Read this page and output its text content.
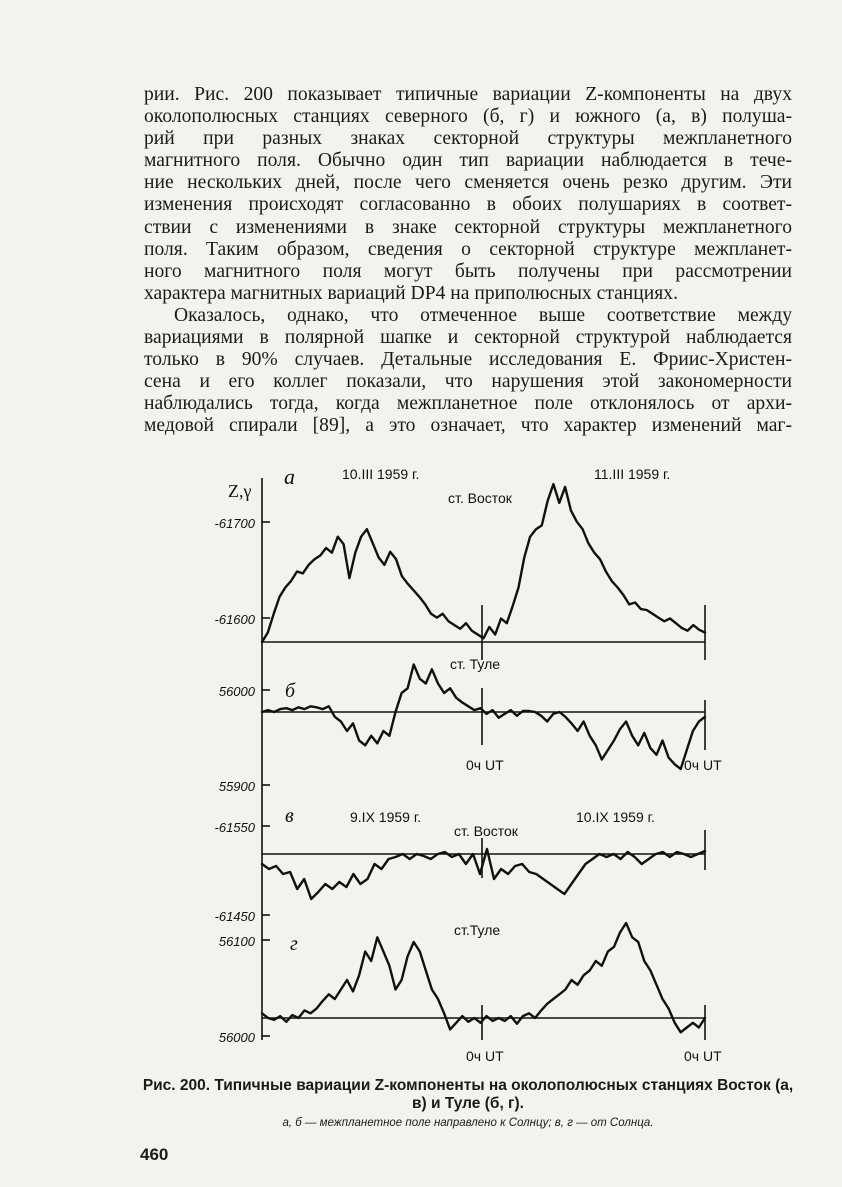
рии. Рис. 200 показывает типичные вариации Z-компоненты на двух
околополюсных станциях северного (б, г) и южного (а, в) полуша-
рий при разных знаках секторной структуры межпланетного
магнитного поля. Обычно один тип вариации наблюдается в тече-
ние нескольких дней, после чего сменяется очень резко другим. Эти
изменения происходят согласованно в обоих полушариях в соответ-
ствии с изменениями в знаке секторной структуры межпланетного
поля. Таким образом, сведения о секторной структуре межпланет-
ного магнитного поля могут быть получены при рассмотрении
характера магнитных вариаций DP4 на приполюсных станциях.
Оказалось, однако, что отмеченное выше соответствие между
вариациями в полярной шапке и секторной структурой наблюдается
только в 90% случаев. Детальные исследования Е. Фриис-Христен-
сена и его коллег показали, что нарушения этой закономерности
наблюдались тогда, когда межпланетное поле отклонялось от архи-
медовой спирали [89], а это означает, что характер изменений маг-
Z,γ
а	10.III 1959 г.	11.III 1959 г.
ст. Восток
-61700
-61600
ст. Туле
б
56000
55900
0ч UT	0ч UT
в	9.IX 1959 г.	10.IX 1959 г.
ст. Восток
-61550
-61450
ст.Туле
г
56100
56000
0ч UT	0ч UT
Рис. 200. Типичные вариации Z-компоненты на околополюсных станциях Восток (а, в) и Туле (б, г).
а, б — межпланетное поле направлено к Солнцу; в, г — от Солнца.
460
